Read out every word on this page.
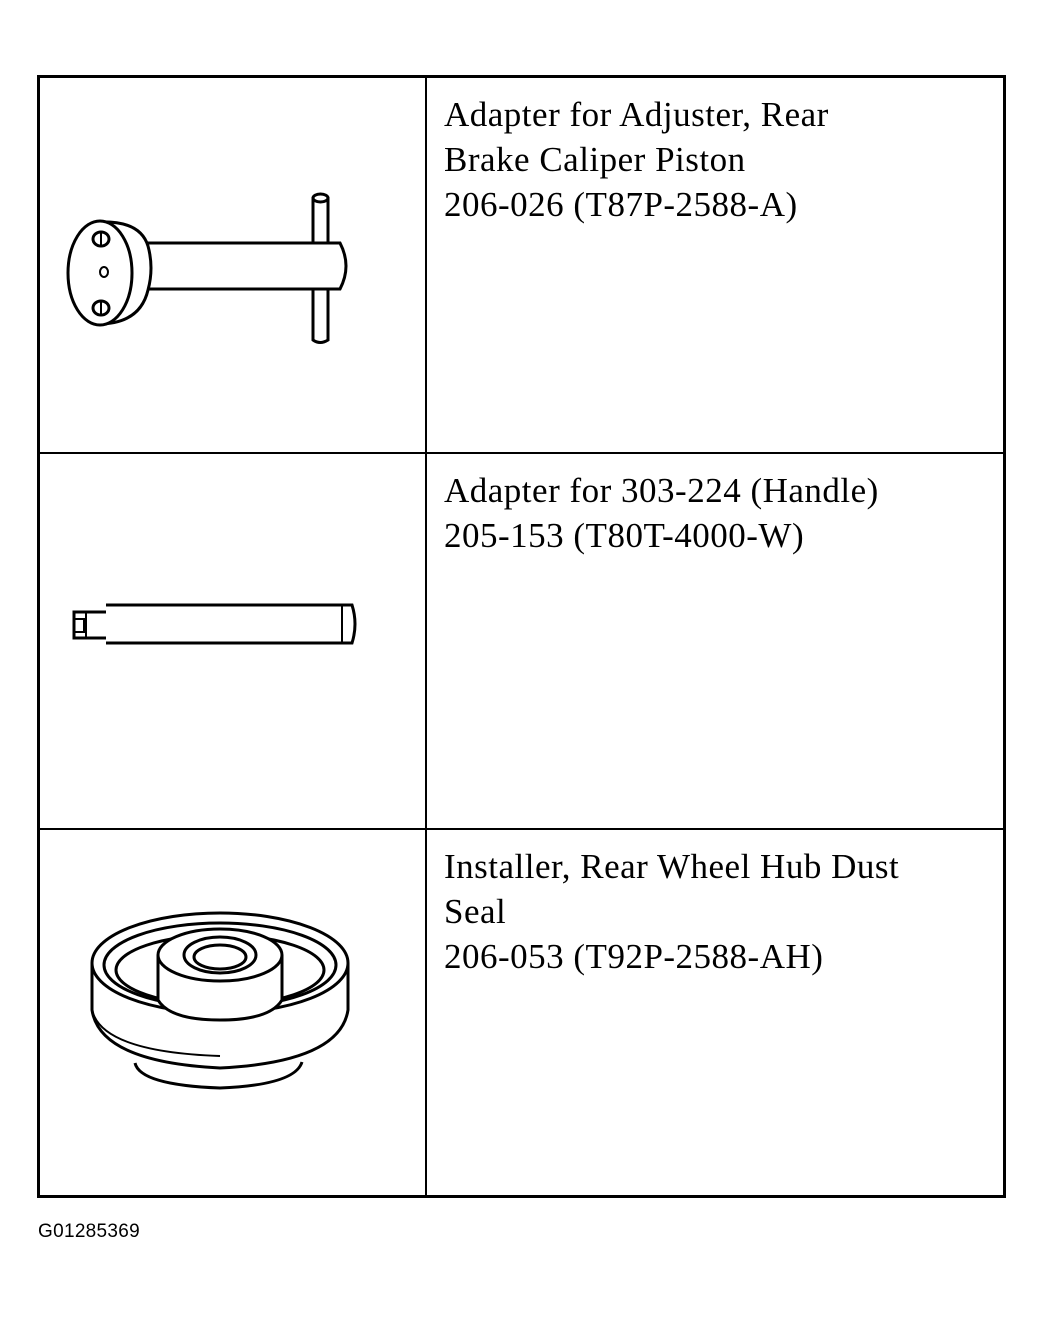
Adapter for Adjuster, Rear
Brake Caliper Piston
206-026 (T87P-2588-A)
Adapter for 303-224 (Handle)
205-153 (T80T-4000-W)
Installer, Rear Wheel Hub Dust
Seal
206-053 (T92P-2588-AH)
G01285369
